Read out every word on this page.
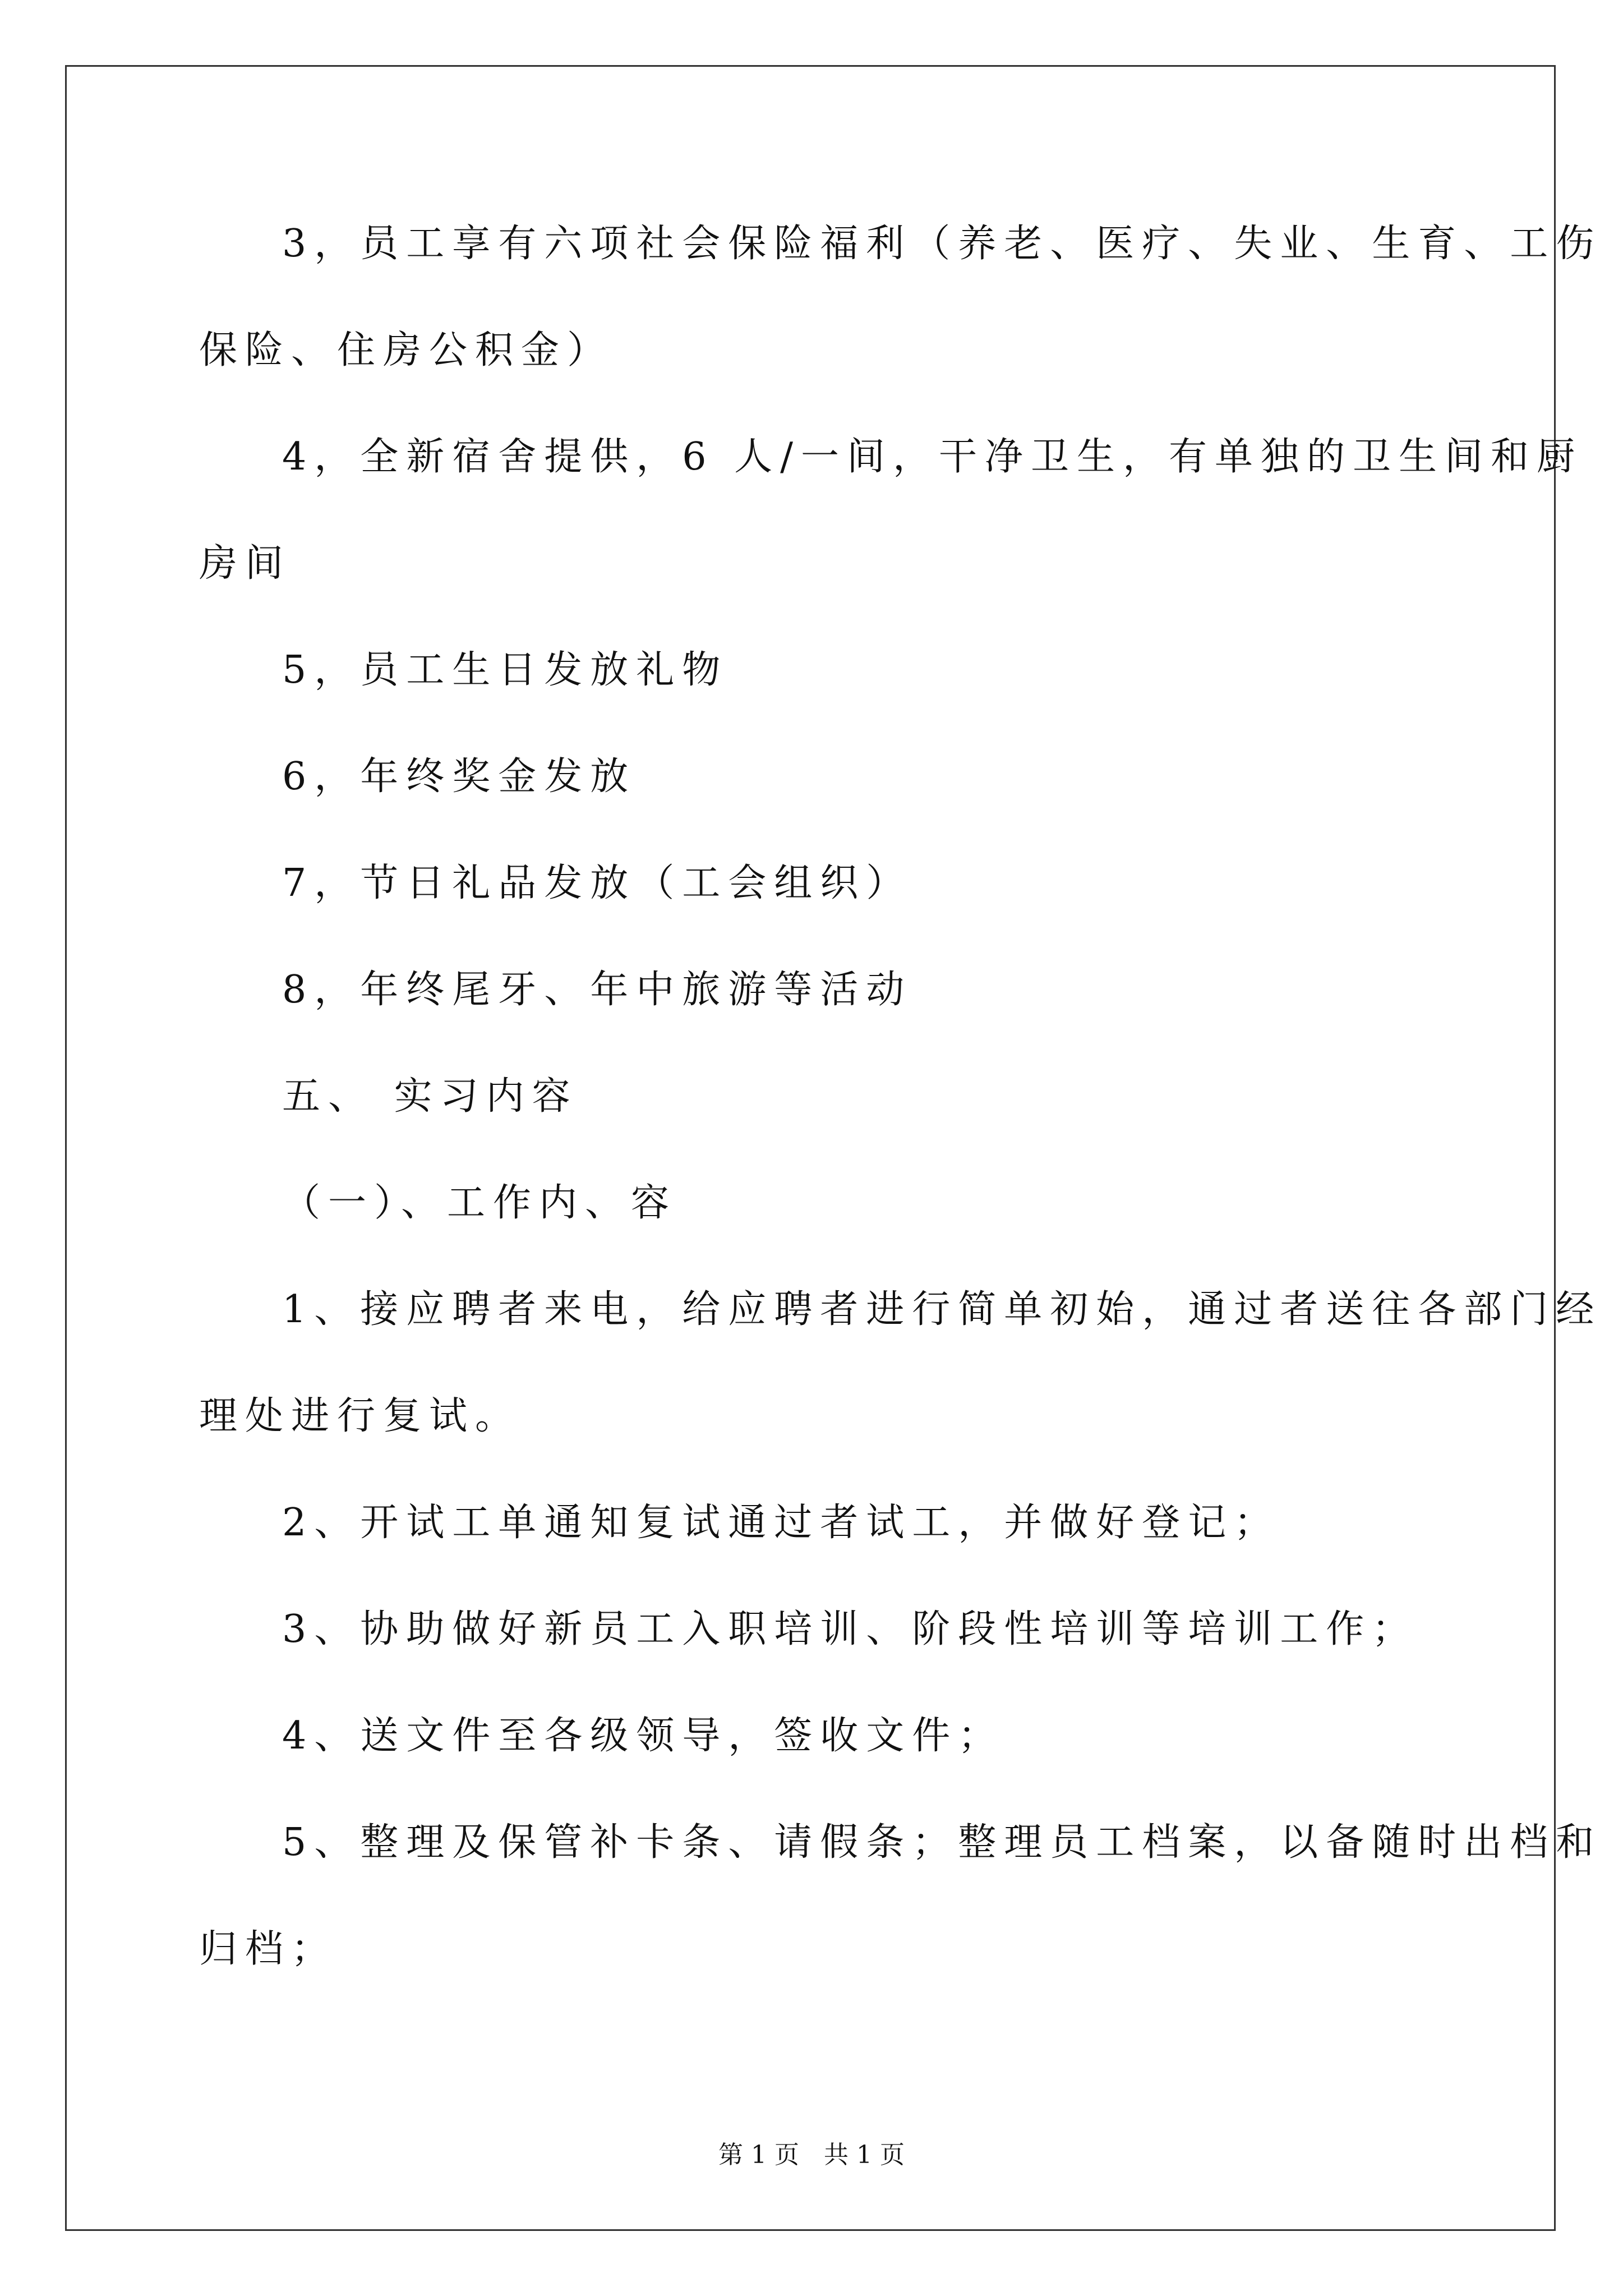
3，员工享有六项社会保险福利（养老、医疗、失业、生育、工伤
保险、住房公积金）
4，全新宿舍提供，6 人/一间，干净卫生，有单独的卫生间和厨
房间
5，员工生日发放礼物
6，年终奖金发放
7，节日礼品发放（工会组织）
8，年终尾牙、年中旅游等活动
五、 实习内容
（一）、工作内、容
1、接应聘者来电，给应聘者进行简单初始，通过者送往各部门经
理处进行复试。
2、开试工单通知复试通过者试工，并做好登记；
3、协助做好新员工入职培训、阶段性培训等培训工作；
4、送文件至各级领导，签收文件；
5、整理及保管补卡条、请假条；整理员工档案，以备随时出档和
归档；
第 1 页　共 1 页
